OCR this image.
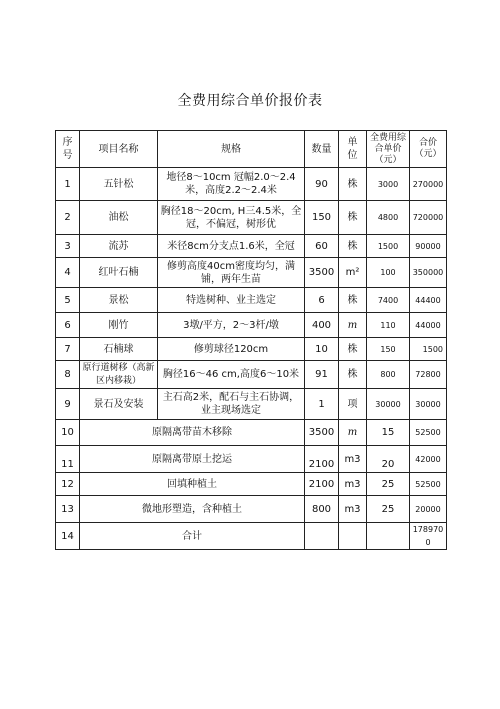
全费用综合单价报价表
序 号	项目名称	规格	数量	单 位	全费用综合单价（元）	合价（元）
1	五针松	地径8～10cm 冠幅2.0～2.4米，高度2.2～2.4米	90	株	3000	270000
2	油松	胸径18～20cm, H三4.5米，全冠，不偏冠，树形优	150	株	4800	720000
3	流苏	米径8cm分支点1.6米，全冠	60	株	1500	90000
4	红叶石楠	修剪高度40cm密度均匀，满铺，两年生苗	3500	m²	100	350000
5	景松	特选树种、业主选定	6	株	7400	44400
6	刚竹	3墩/平方，2～3杆/墩	400	m	110	44000
7	石楠球	修剪球径120cm	10	株	150	1500
8	原行道树移（高新区内移栽）	胸径16～46 cm,高度6～10米	91	株	800	72800
9	景石及安装	主石高2米，配石与主石协调，业主现场选定	1	项	30000	30000
10	原隔离带苗木移除		3500	m	15	52500
11	原隔离带原土挖运		2100	m3	20	42000
12	回填种植土		2100	m3	25	52500
13	微地形塑造，含种植土		800	m3	25	20000
14	合计					1789700
